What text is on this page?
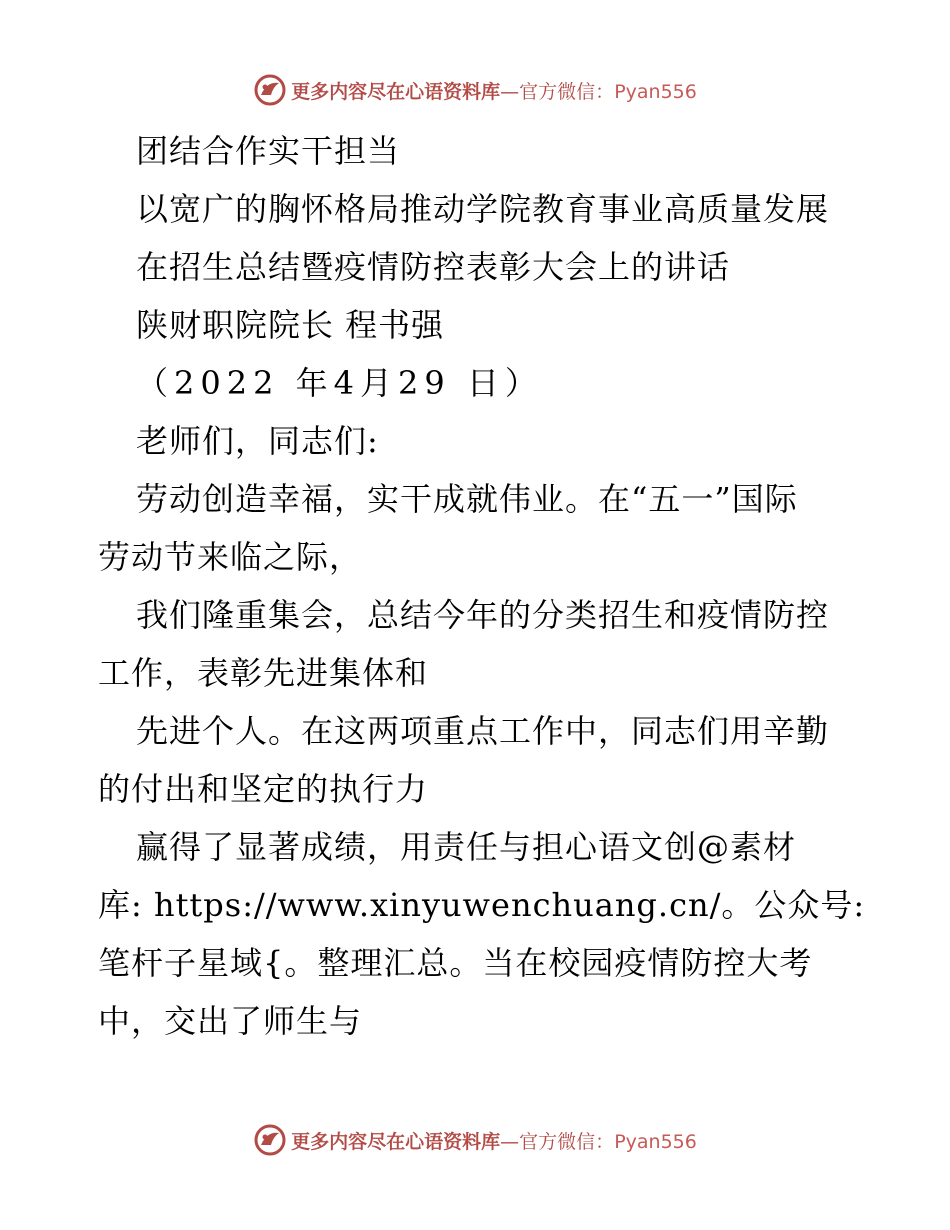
更多内容尽在心语资料库—官方微信：Pyan556
团结合作实干担当
以宽广的胸怀格局推动学院教育事业高质量发展
在招生总结暨疫情防控表彰大会上的讲话
陕财职院院长 程书强
（2022 年4月29 日）
老师们，同志们:
劳动创造幸福，实干成就伟业。在“五一”国际
劳动节来临之际，
我们隆重集会，总结今年的分类招生和疫情防控
工作，表彰先进集体和
先进个人。在这两项重点工作中，同志们用辛勤
的付出和坚定的执行力
赢得了显著成绩，用责任与担心语文创@素材
库: https://www.xinyuwenchuang.cn/。公众号:
笔杆子星域{。整理汇总。当在校园疫情防控大考
中，交出了师生与
更多内容尽在心语资料库—官方微信：Pyan556
